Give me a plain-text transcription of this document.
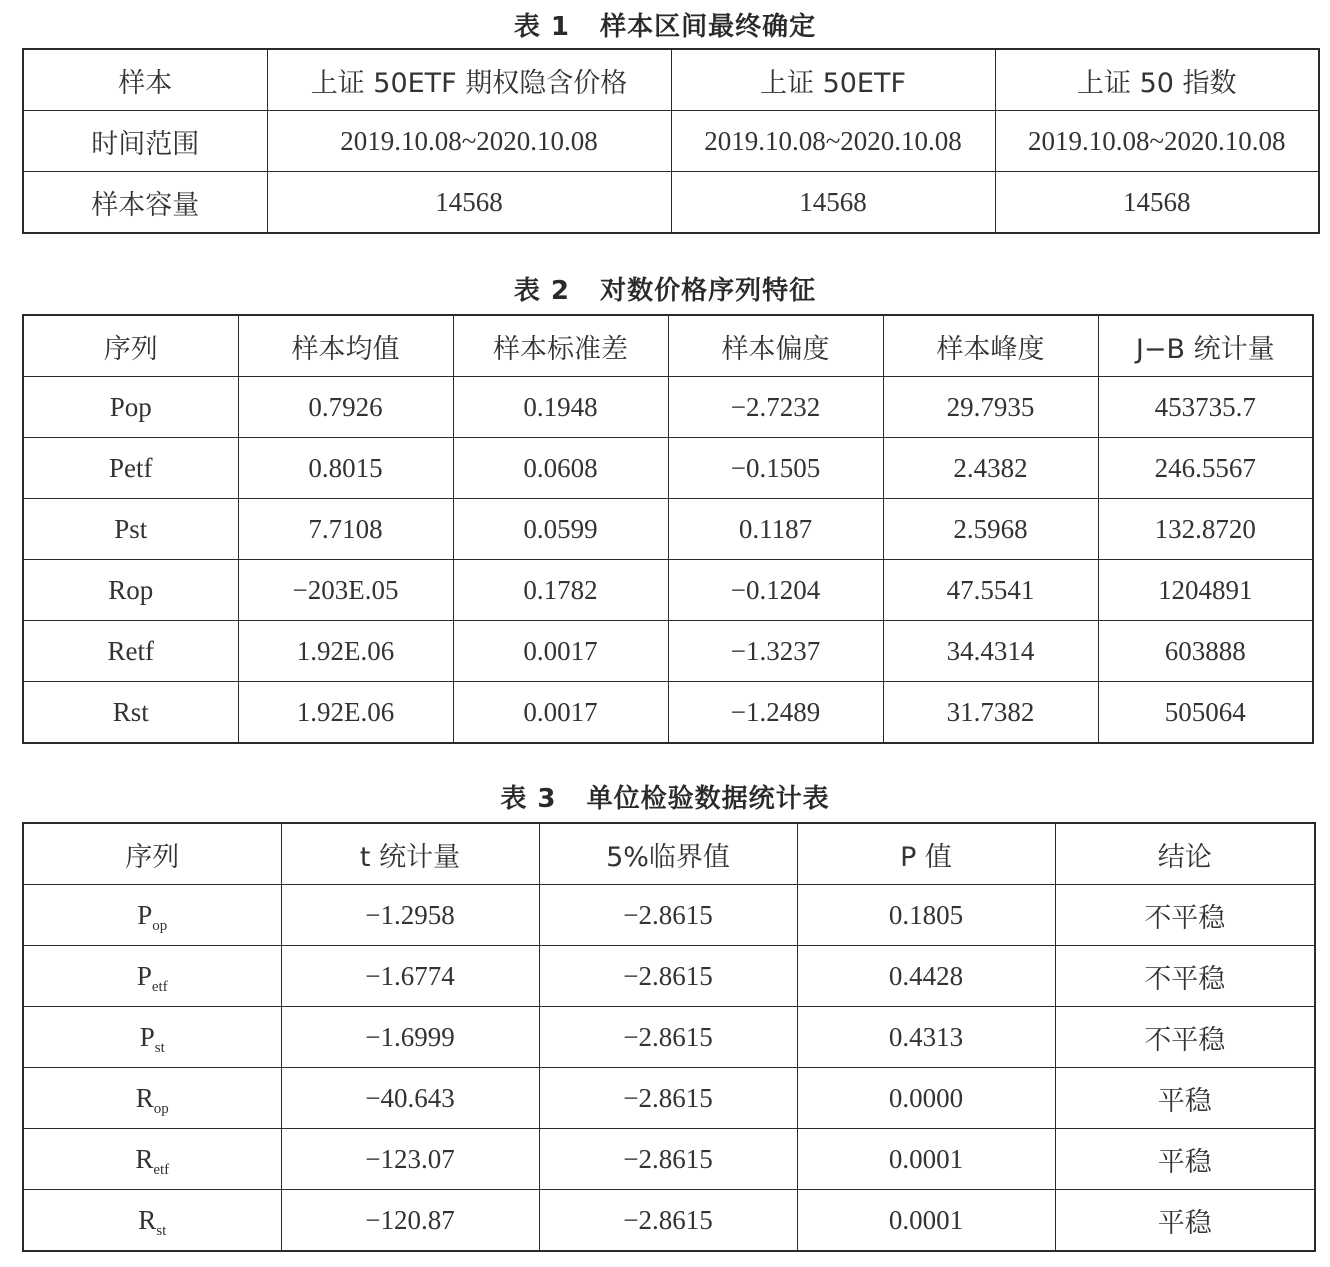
表 1   样本区间最终确定
样本	上证 50ETF 期权隐含价格	上证 50ETF	上证 50 指数
时间范围	2019.10.08~2020.10.08	2019.10.08~2020.10.08	2019.10.08~2020.10.08
样本容量	14568	14568	14568
表 2   对数价格序列特征
序列	样本均值	样本标准差	样本偏度	样本峰度	J−B 统计量
Pop	0.7926	0.1948	−2.7232	29.7935	453735.7
Petf	0.8015	0.0608	−0.1505	2.4382	246.5567
Pst	7.7108	0.0599	0.1187	2.5968	132.8720
Rop	−203E.05	0.1782	−0.1204	47.5541	1204891
Retf	1.92E.06	0.0017	−1.3237	34.4314	603888
Rst	1.92E.06	0.0017	−1.2489	31.7382	505064
表 3   单位检验数据统计表
序列	t 统计量	5%临界值	P 值	结论
$P_{op}$	−1.2958	−2.8615	0.1805	不平稳
$P_{etf}$	−1.6774	−2.8615	0.4428	不平稳
$P_{st}$	−1.6999	−2.8615	0.4313	不平稳
$R_{op}$	−40.643	−2.8615	0.0000	平稳
$R_{etf}$	−123.07	−2.8615	0.0001	平稳
$R_{st}$	−120.87	−2.8615	0.0001	平稳
